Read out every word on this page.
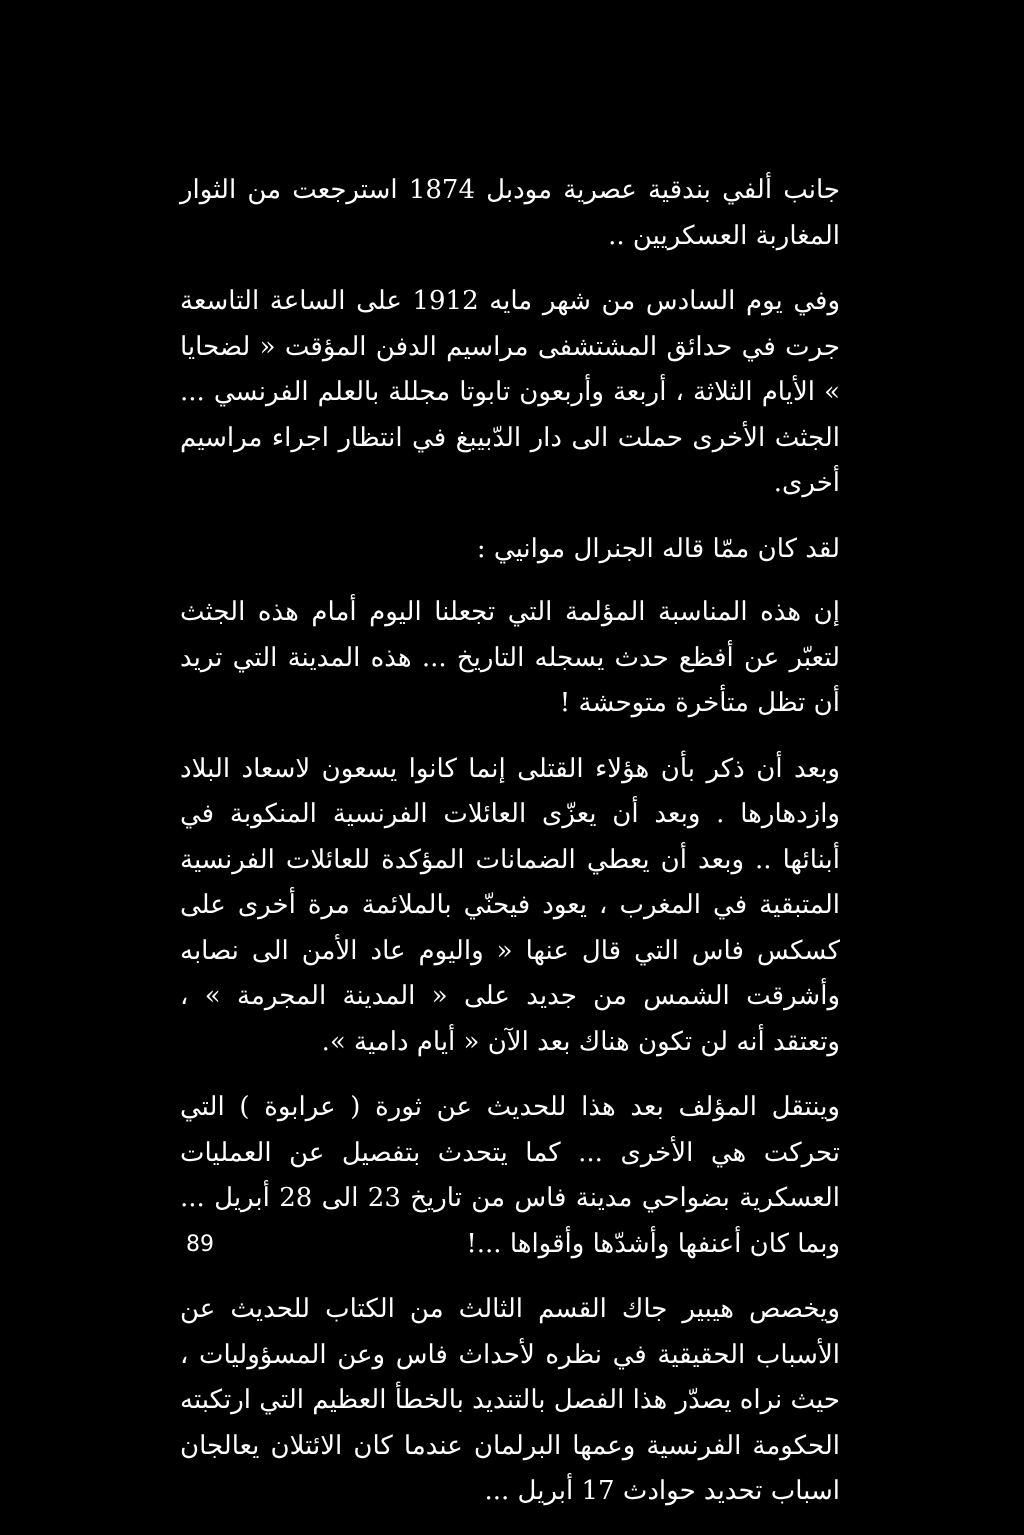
جانب ألفي بندقية عصرية مودبل 1874 استرجعت من الثوار المغاربة العسكريين ..

وفي يوم السادس من شهر مايه 1912 على الساعة التاسعة جرت في حدائق المشتشفى مراسيم الدفن المؤقت « لضحايا » الأيام الثلاثة ، أربعة وأربعون تابوتا مجللة بالعلم الفرنسي ... الجثث الأخرى حملت الى دار الدّبيبغ في انتظار اجراء مراسيم أخرى.

لقد كان ممّا قاله الجنرال موانيي :

إن هذه المناسبة المؤلمة التي تجعلنا اليوم أمام هذه الجثث لتعبّر عن أفظع حدث يسجله التاريخ ... هذه المدينة التي تريد أن تظل متأخرة متوحشة !

وبعد أن ذكر بأن هؤلاء القتلى إنما كانوا يسعون لاسعاد البلاد وازدهارها . وبعد أن يعزّى العائلات الفرنسية المنكوبة في أبنائها .. وبعد أن يعطي الضمانات المؤكدة للعائلات الفرنسية المتبقية في المغرب ، يعود فيحنّي بالملائمة مرة أخرى على كسكس فاس التي قال عنها « واليوم عاد الأمن الى نصابه وأشرقت الشمس من جديد على « المدينة المجرمة » ، وتعتقد أنه لن تكون هناك بعد الآن « أيام دامية ».

وينتقل المؤلف بعد هذا للحديث عن ثورة ( عرابوة ) التي تحركت هي الأخرى ... كما يتحدث بتفصيل عن العمليات العسكرية بضواحي مدينة فاس من تاريخ 23 الى 28 أبريل ... وبما كان أعنفها وأشدّها وأقواها ...!

ويخصص هيبير جاك القسم الثالث من الكتاب للحديث عن الأسباب الحقيقية في نظره لأحداث فاس وعن المسؤوليات ، حيث نراه يصدّر هذا الفصل بالتنديد بالخطأ العظيم التي ارتكبته الحكومة الفرنسية وعمها البرلمان عندما كان الائتلان يعالجان اسباب تحديد حوادث 17 أبريل ...

89
